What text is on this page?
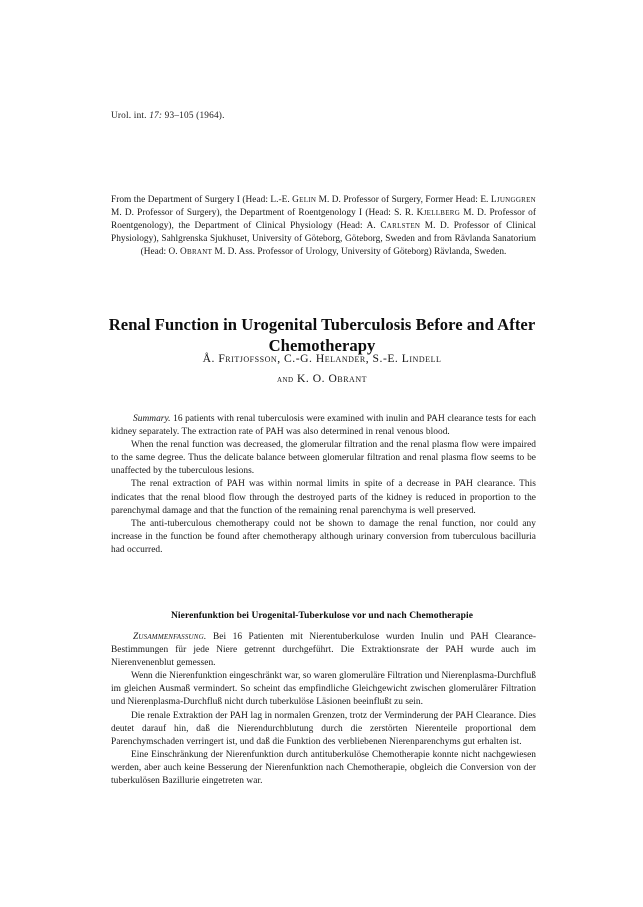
Urol. int. 17: 93–105 (1964).
From the Department of Surgery I (Head: L.-E. Gelin M. D. Professor of Surgery, Former Head: E. Ljunggren M. D. Professor of Surgery), the Department of Roentgenology I (Head: S. R. Kjellberg M. D. Professor of Roentgenology), the Department of Clinical Physiology (Head: A. Carlsten M. D. Professor of Clinical Physiology), Sahlgrenska Sjukhuset, University of Göteborg, Göteborg, Sweden and from Rävlanda Sanatorium (Head: O. Obrant M. D. Ass. Professor of Urology, University of Göteborg) Rävlanda, Sweden.
Renal Function in Urogenital Tuberculosis Before and After Chemotherapy
Å. Fritjofsson, C.-G. Helander, S.-E. Lindell
and K. O. Obrant

Summary. 16 patients with renal tuberculosis were examined with inulin and PAH clearance tests for each kidney separately. The extraction rate of PAH was also determined in renal venous blood.

When the renal function was decreased, the glomerular filtration and the renal plasma flow were impaired to the same degree. Thus the delicate balance between glomerular filtration and renal plasma flow seems to be unaffected by the tuberculous lesions.

The renal extraction of PAH was within normal limits in spite of a decrease in PAH clearance. This indicates that the renal blood flow through the destroyed parts of the kidney is reduced in proportion to the parenchymal damage and that the function of the remaining renal parenchyma is well preserved.

The anti-tuberculous chemotherapy could not be shown to damage the renal function, nor could any increase in the function be found after chemotherapy although urinary conversion from tuberculous bacilluria had occurred.

Nierenfunktion bei Urogenital-Tuberkulose vor und nach Chemotherapie

Zusammenfassung. Bei 16 Patienten mit Nierentuberkulose wurden Inulin und PAH Clearance-Bestimmungen für jede Niere getrennt durchgeführt. Die Extraktionsrate der PAH wurde auch im Nierenvenenblut gemessen.

Wenn die Nierenfunktion eingeschränkt war, so waren glomeruläre Filtration und Nierenplasma-Durchfluß im gleichen Ausmaß vermindert. So scheint das empfindliche Gleichgewicht zwischen glomerulärer Filtration und Nierenplasma-Durchfluß nicht durch tuberkulöse Läsionen beeinflußt zu sein.

Die renale Extraktion der PAH lag in normalen Grenzen, trotz der Verminderung der PAH Clearance. Dies deutet darauf hin, daß die Nierendurchblutung durch die zerstörten Nierenteile proportional dem Parenchymschaden verringert ist, und daß die Funktion des verbliebenen Nierenparenchyms gut erhalten ist.

Eine Einschränkung der Nierenfunktion durch antituberkulöse Chemotherapie konnte nicht nachgewiesen werden, aber auch keine Besserung der Nierenfunktion nach Chemotherapie, obgleich die Conversion von der tuberkulösen Bazillurie eingetreten war.
